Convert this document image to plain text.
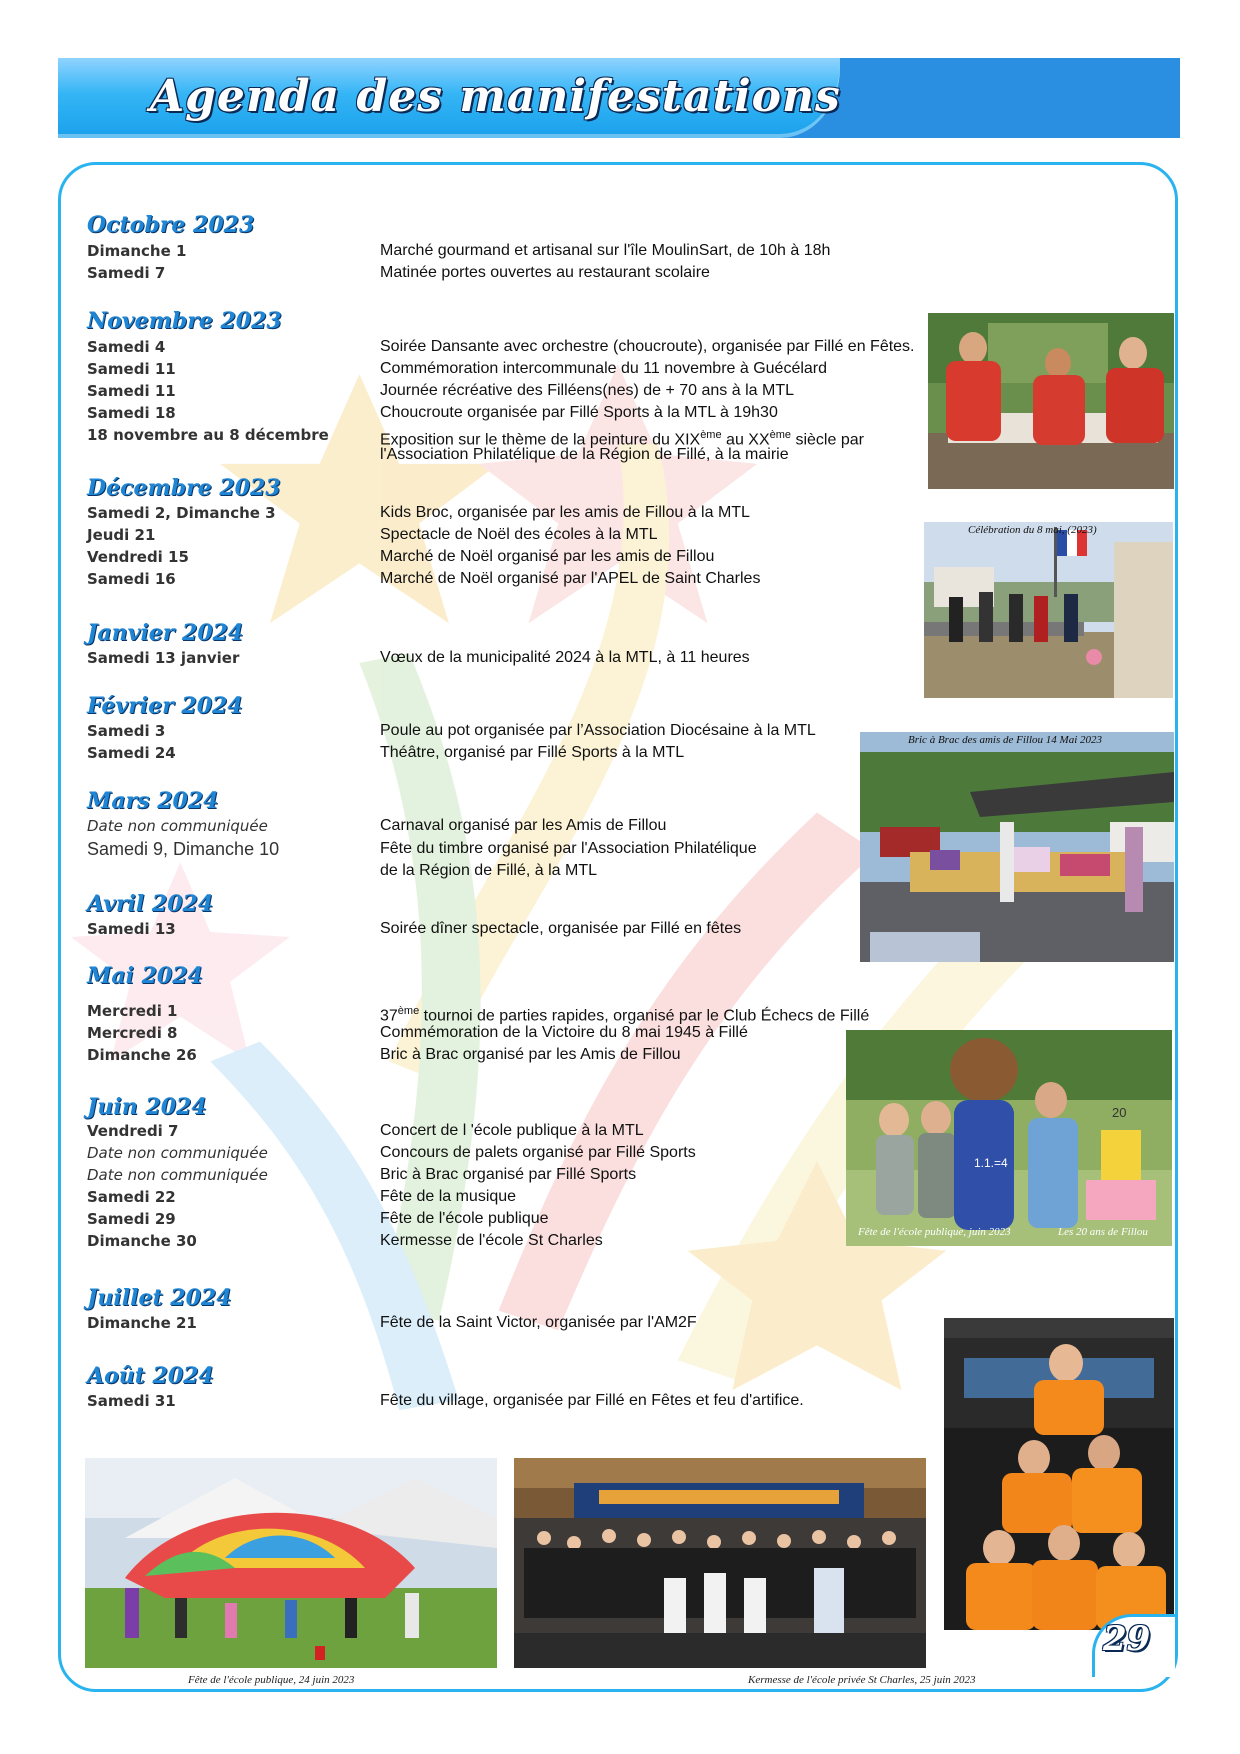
Agenda des manifestations
Octobre 2023
Dimanche 1	Marché gourmand et artisanal sur l'île MoulinSart, de 10h à 18h
Samedi 7	Matinée portes ouvertes au restaurant scolaire
Novembre 2023
Samedi 4	Soirée Dansante avec orchestre (choucroute), organisée par Fillé en Fêtes.
Samedi 11	Commémoration intercommunale du 11 novembre à Guécélard
Samedi 11	Journée récréative des Filléens(nes) de + 70 ans à la MTL
Samedi 18	Choucroute organisée par Fillé Sports à la MTL à 19h30
18 novembre au 8 décembre	Exposition sur le thème de la peinture du XIXème au XXème siècle par
l'Association Philatélique de la Région de Fillé, à la mairie
Décembre 2023
Samedi 2, Dimanche 3	Kids Broc, organisée par les amis de Fillou à la MTL
Jeudi 21	Spectacle de Noël des écoles à la MTL
Vendredi 15	Marché de Noël organisé par les amis de Fillou
Samedi 16	Marché de Noël organisé par l'APEL de Saint Charles
Janvier 2024
Samedi 13 janvier	Vœux de la municipalité 2024 à la MTL, à 11 heures
Février 2024
Samedi 3	Poule au pot organisée par l’Association Diocésaine à la MTL
Samedi 24	Théâtre, organisé par Fillé Sports à la MTL
Mars 2024
Date non communiquée	Carnaval organisé par les Amis de Fillou
Samedi 9, Dimanche 10	Fête du timbre organisé par l'Association Philatélique
de la Région de Fillé, à la MTL
Avril 2024
Samedi 13	Soirée dîner spectacle, organisée par Fillé en fêtes
Mai 2024
Mercredi 1	37ème tournoi de parties rapides, organisé par le Club Échecs de Fillé
Mercredi 8	Commémoration de la Victoire du 8 mai 1945 à Fillé
Dimanche 26	Bric à Brac organisé par les Amis de Fillou
Juin 2024
Vendredi 7	Concert de l 'école publique à la MTL
Date non communiquée	Concours de palets organisé par Fillé Sports
Date non communiquée	Bric à Brac organisé par Fillé Sports
Samedi 22	Fête de la musique
Samedi 29	Fête de l'école publique
Dimanche 30	Kermesse de l'école St Charles
Juillet 2024
Dimanche 21	Fête de la Saint Victor, organisée par l'AM2F
Août 2024
Samedi 31	Fête du village, organisée par Fillé en Fêtes et feu d'artifice.
Célébration du 8 mai, (2023)
Bric à Brac des amis de Fillou 14 Mai 2023
1.1.=4
20
Fête de l'école publique, juin 2023	Les 20 ans de Fillou
Fête de l'école publique, 24 juin 2023	Kermesse de l'école privée St Charles, 25 juin 2023
29
